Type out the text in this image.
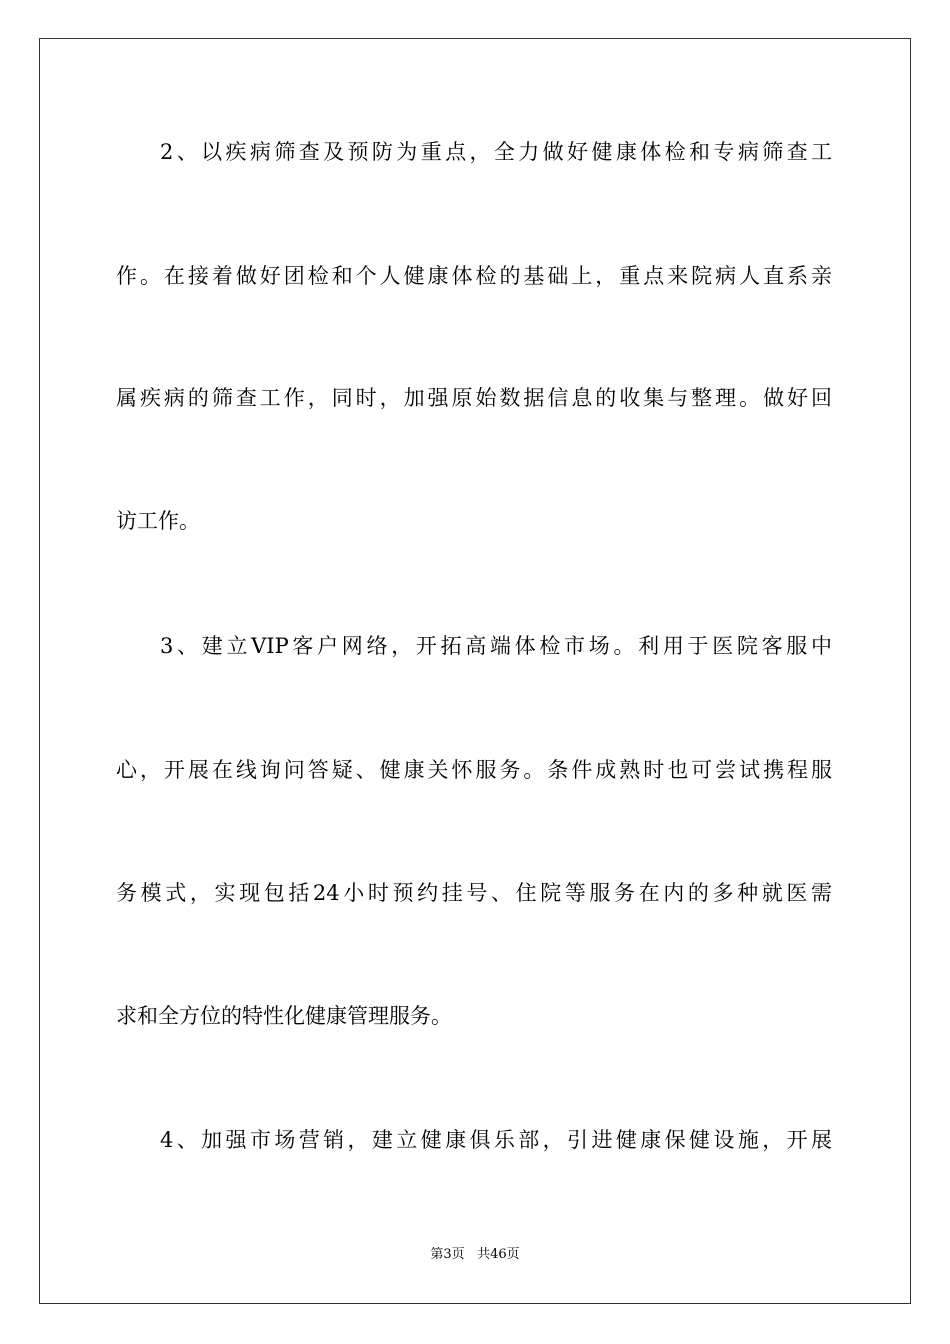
2、以疾病筛查及预防为重点，全力做好健康体检和专病筛查工
作。在接着做好团检和个人健康体检的基础上，重点来院病人直系亲
属疾病的筛查工作，同时，加强原始数据信息的收集与整理。做好回
访工作。
3、建立VIP客户网络，开拓高端体检市场。利用于医院客服中
心，开展在线询问答疑、健康关怀服务。条件成熟时也可尝试携程服
务模式，实现包括24小时预约挂号、住院等服务在内的多种就医需
求和全方位的特性化健康管理服务。
4、加强市场营销，建立健康俱乐部，引进健康保健设施，开展
第3页 共46页
